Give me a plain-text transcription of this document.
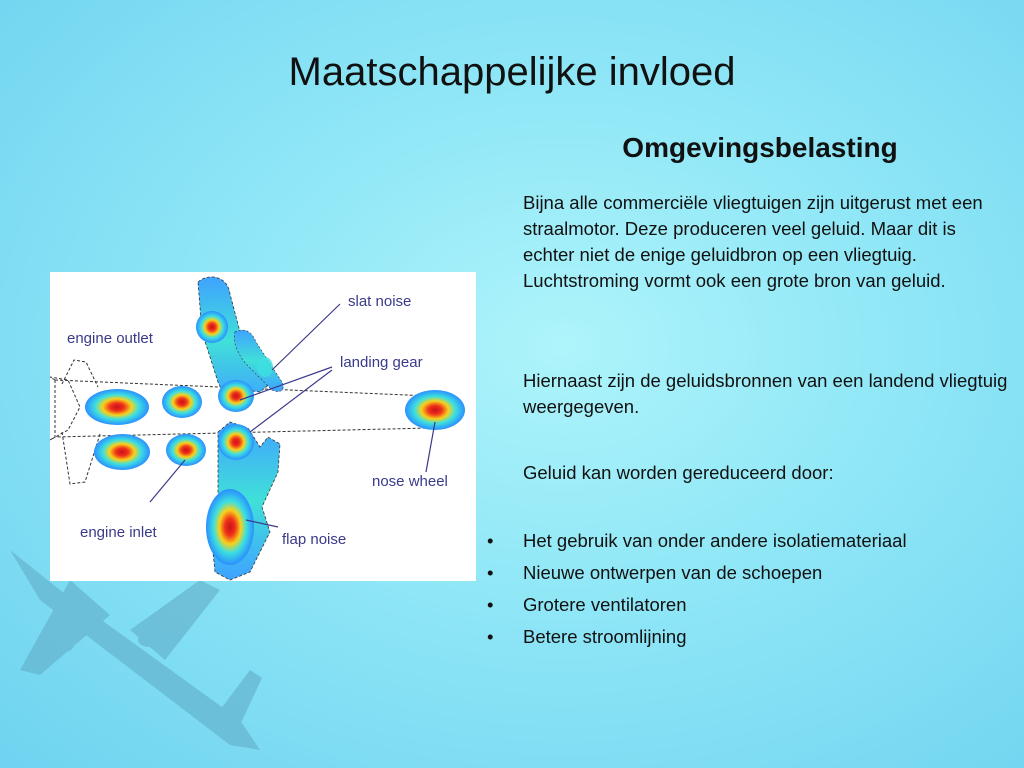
Maatschappelijke invloed
Omgevingsbelasting

Bijna alle commerciële vliegtuigen zijn uitgerust met een straalmotor. Deze produceren veel geluid. Maar dit is echter niet de enige geluidbron op een vliegtuig. Luchtstroming vormt ook een grote bron van geluid.

Hiernaast zijn de geluidsbronnen van een landend vliegtuig weergegeven.

Geluid kan worden gereduceerd door:

• Het gebruik van onder andere isolatiemateriaal
• Nieuwe ontwerpen van de schoepen
• Grotere ventilatoren
• Betere stroomlijning
slat noise
engine outlet
landing gear
nose wheel
engine inlet	flap noise
